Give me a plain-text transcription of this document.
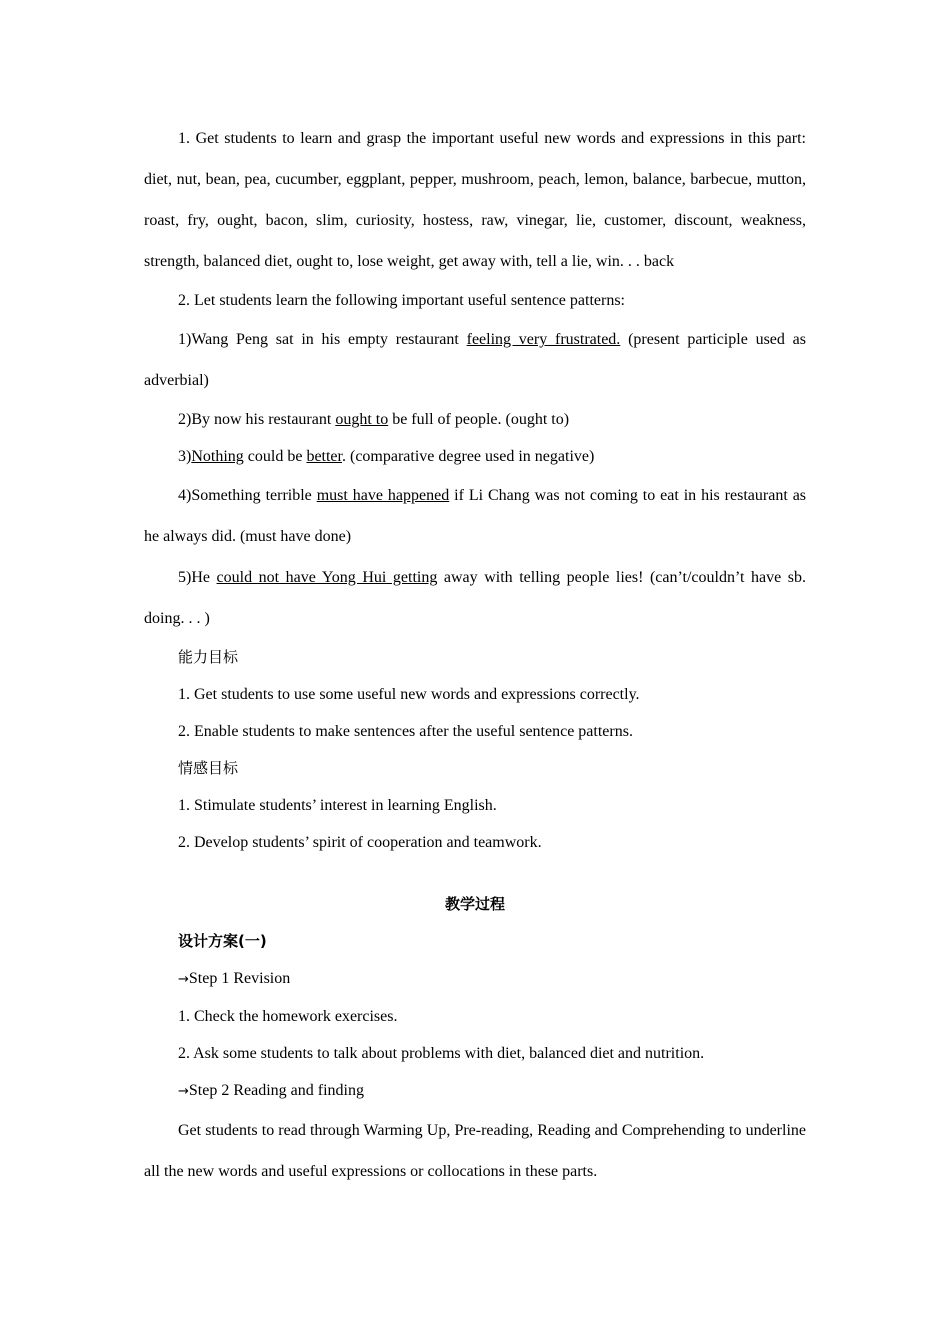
1. Get students to learn and grasp the important useful new words and expressions in this part: diet, nut, bean, pea, cucumber, eggplant, pepper, mushroom, peach, lemon, balance, barbecue, mutton, roast, fry, ought, bacon, slim, curiosity, hostess, raw, vinegar, lie, customer, discount, weakness, strength, balanced diet, ought to, lose weight, get away with, tell a lie, win. . . back

2. Let students learn the following important useful sentence patterns:

1)Wang Peng sat in his empty restaurant feeling very frustrated. (present participle used as adverbial)

2)By now his restaurant ought to be full of people. (ought to)

3)Nothing could be better. (comparative degree used in negative)

4)Something terrible must have happened if Li Chang was not coming to eat in his restaurant as he always did. (must have done)

5)He could not have Yong Hui getting away with telling people lies! (can’t/couldn’t have sb. doing. . . )

能力目标

1. Get students to use some useful new words and expressions correctly.

2. Enable students to make sentences after the useful sentence patterns.

情感目标

1. Stimulate students’ interest in learning English.

2. Develop students’ spirit of cooperation and teamwork.

教学过程

设计方案(一)

→Step 1 Revision

1. Check the homework exercises.

2. Ask some students to talk about problems with diet, balanced diet and nutrition.

→Step 2 Reading and finding

Get students to read through Warming Up, Pre-reading, Reading and Comprehending to underline all the new words and useful expressions or collocations in these parts.
